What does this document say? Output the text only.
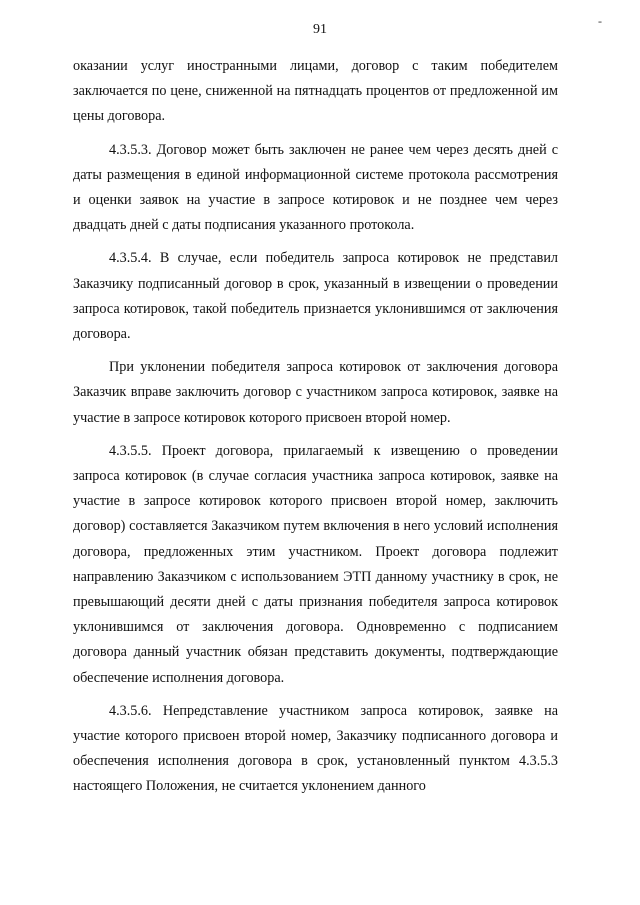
91
-

оказании услуг иностранными лицами, договор с таким победителем заключается по цене, сниженной на пятнадцать процентов от предложенной им цены договора.

4.3.5.3. Договор может быть заключен не ранее чем через десять дней с даты размещения в единой информационной системе протокола рассмотрения и оценки заявок на участие в запросе котировок и не позднее чем через двадцать дней с даты подписания указанного протокола.

4.3.5.4. В случае, если победитель запроса котировок не представил Заказчику подписанный договор в срок, указанный в извещении о проведении запроса котировок, такой победитель признается уклонившимся от заключения договора.

При уклонении победителя запроса котировок от заключения договора Заказчик вправе заключить договор с участником запроса котировок, заявке на участие в запросе котировок которого присвоен второй номер.

4.3.5.5. Проект договора, прилагаемый к извещению о проведении запроса котировок (в случае согласия участника запроса котировок, заявке на участие в запросе котировок которого присвоен второй номер, заключить договор) составляется Заказчиком путем включения в него условий исполнения договора, предложенных этим участником. Проект договора подлежит направлению Заказчиком с использованием ЭТП данному участнику в срок, не превышающий десяти дней с даты признания победителя запроса котировок уклонившимся от заключения договора. Одновременно с подписанием договора данный участник обязан представить документы, подтверждающие обеспечение исполнения договора.

4.3.5.6. Непредставление участником запроса котировок, заявке на участие которого присвоен второй номер, Заказчику подписанного договора и обеспечения исполнения договора в срок, установленный пунктом 4.3.5.3 настоящего Положения, не считается уклонением данного
